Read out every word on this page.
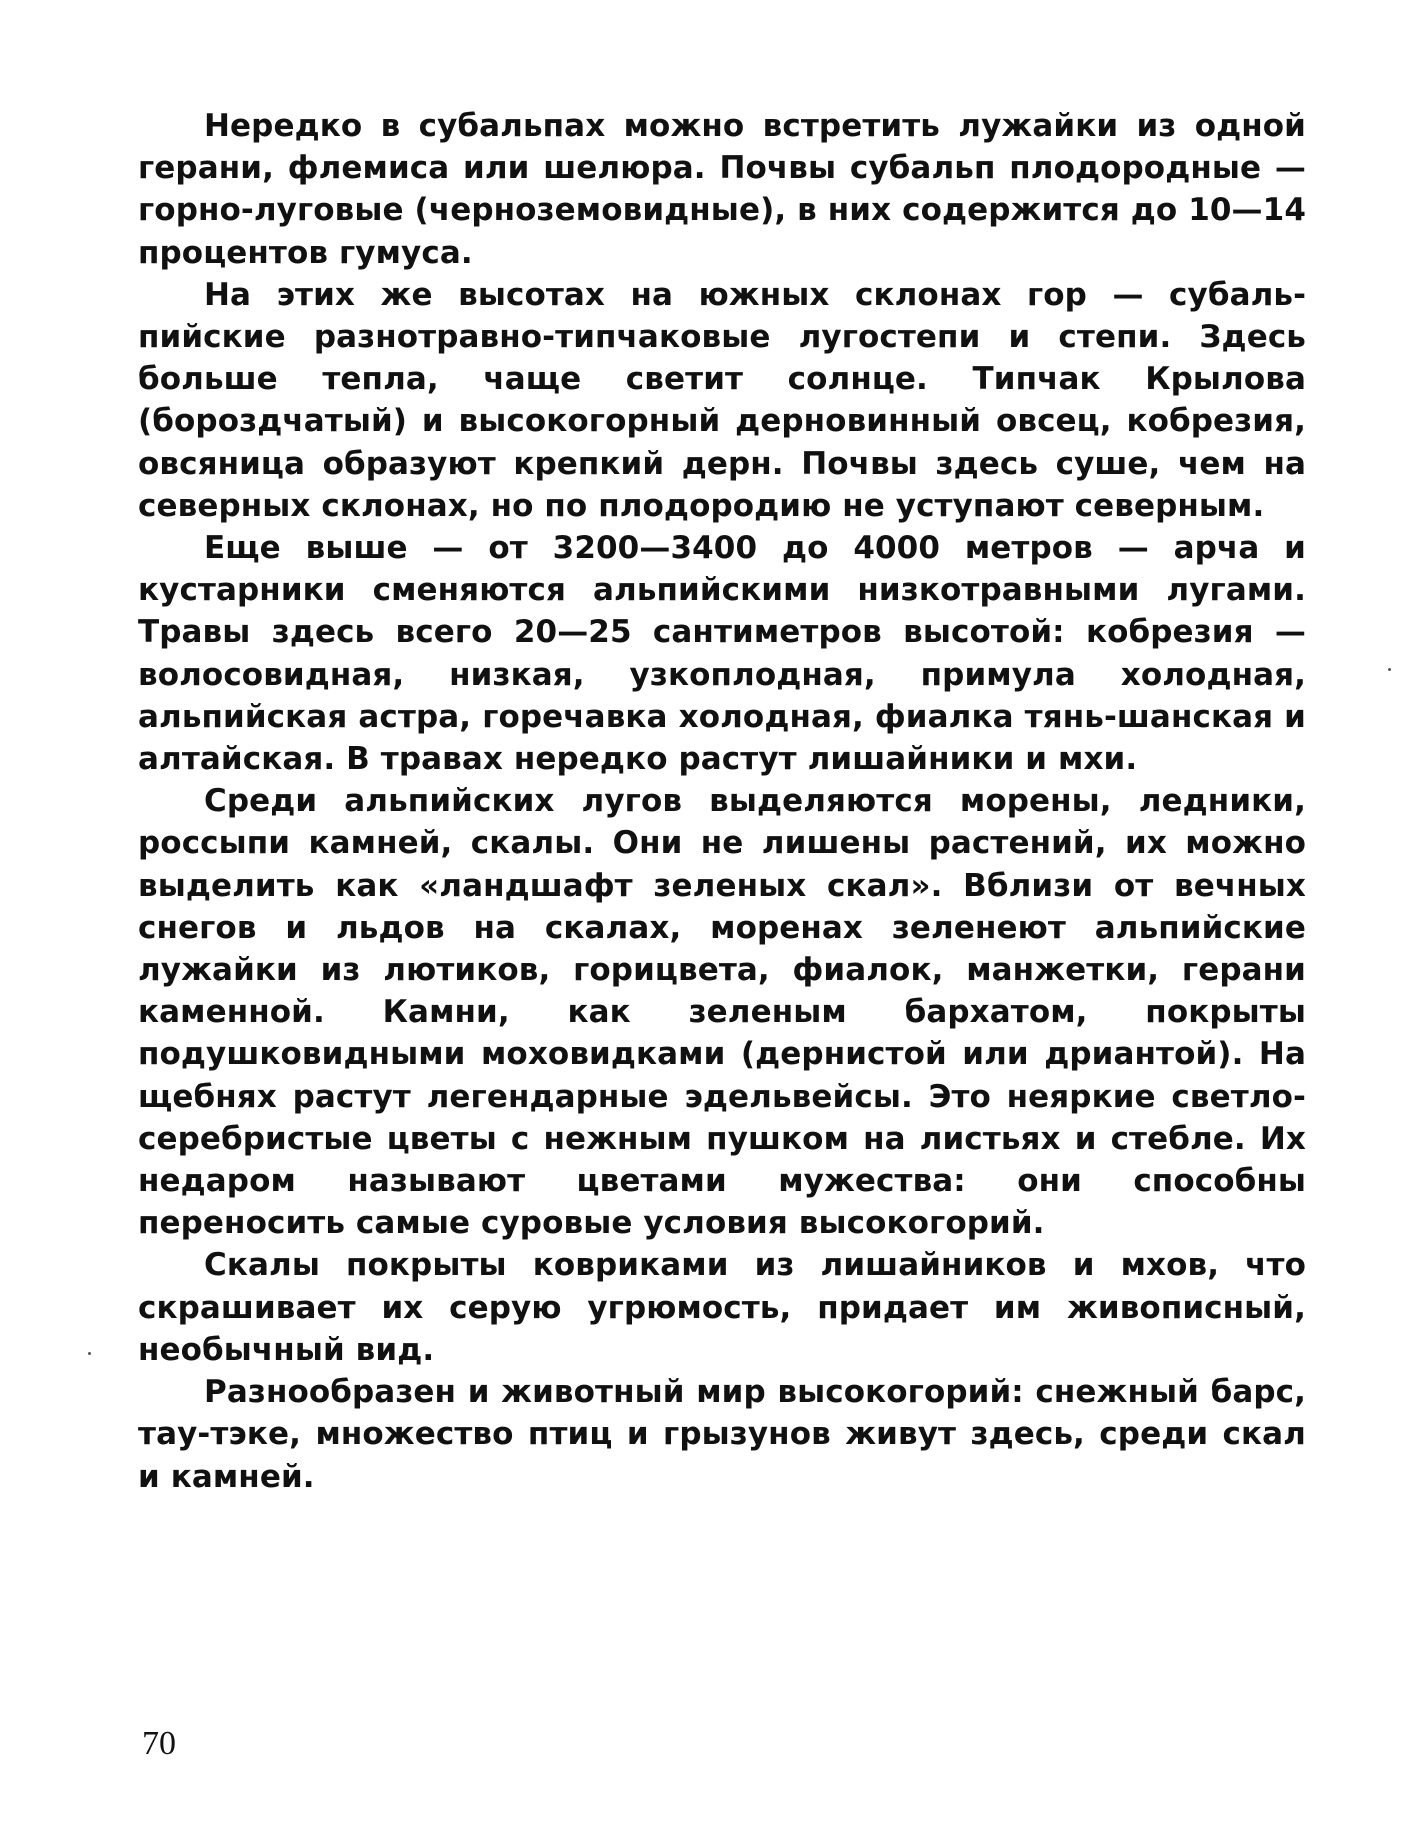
Нередко в субальпах можно встретить лужайки из одной герани, флемиса или шелюра. Почвы субальп плодородные — горно-луговые (черноземовидные), в них содержится до 10—14 процентов гумуса.

На этих же высотах на южных склонах гор — субальпийские разнотравно-типчаковые лугостепи и степи. Здесь больше тепла, чаще светит солнце. Типчак Крылова (бороздчатый) и высокогорный дерновинный овсец, кобрезия, овсяница образуют крепкий дерн. Почвы здесь суше, чем на северных склонах, но по плодородию не уступают северным.

Еще выше — от 3200—3400 до 4000 метров — арча и кустарники сменяются альпийскими низкотравными лугами. Травы здесь всего 20—25 сантиметров высотой: кобрезия — волосовидная, низкая, узкоплодная, примула холодная, альпийская астра, горечавка холодная, фиалка тянь-шанская и алтайская. В травах нередко растут лишайники и мхи.

Среди альпийских лугов выделяются морены, ледники, россыпи камней, скалы. Они не лишены растений, их можно выделить как «ландшафт зеленых скал». Вблизи от вечных снегов и льдов на скалах, моренах зеленеют альпийские лужайки из лютиков, горицвета, фиалок, манжетки, герани каменной. Камни, как зеленым бархатом, покрыты подушковидными моховидками (дернистой или дриантой). На щебнях растут легендарные эдельвейсы. Это неяркие светло-серебристые цветы с нежным пушком на листьях и стебле. Их недаром называют цветами мужества: они способны переносить самые суровые условия высокогорий.

Скалы покрыты ковриками из лишайников и мхов, что скрашивает их серую угрюмость, придает им живописный, необычный вид.

Разнообразен и животный мир высокогорий: снежный барс, тау-тэке, множество птиц и грызунов живут здесь, среди скал и камней.

70
